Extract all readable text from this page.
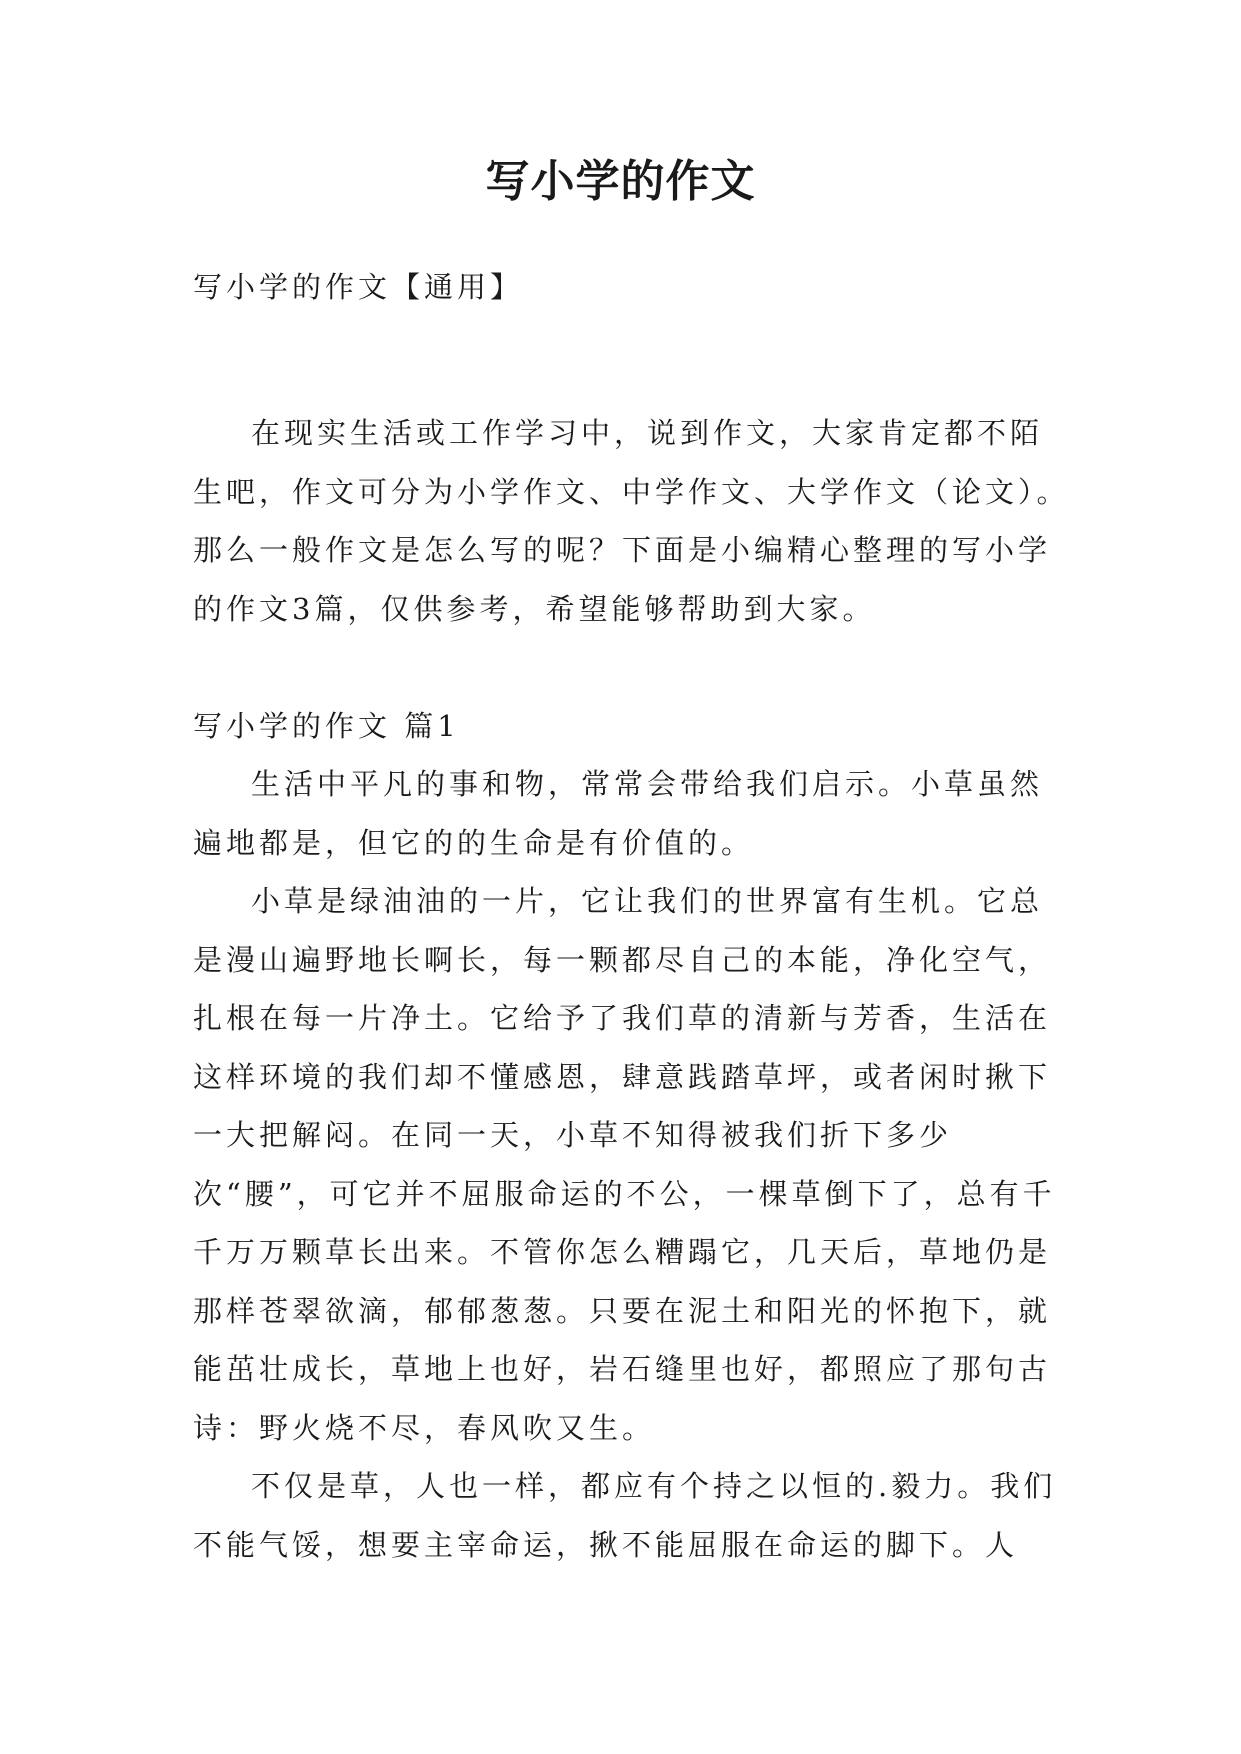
写小学的作文
写小学的作文【通用】

在现实生活或工作学习中，说到作文，大家肯定都不陌生吧，作文可分为小学作文、中学作文、大学作文（论文）。那么一般作文是怎么写的呢？下面是小编精心整理的写小学的作文3篇，仅供参考，希望能够帮助到大家。

写小学的作文 篇1

生活中平凡的事和物，常常会带给我们启示。小草虽然遍地都是，但它的的生命是有价值的。

小草是绿油油的一片，它让我们的世界富有生机。它总是漫山遍野地长啊长，每一颗都尽自己的本能，净化空气，扎根在每一片净土。它给予了我们草的清新与芳香，生活在这样环境的我们却不懂感恩，肆意践踏草坪，或者闲时揪下一大把解闷。在同一天，小草不知得被我们折下多少次“腰”，可它并不屈服命运的不公，一棵草倒下了，总有千千万万颗草长出来。不管你怎么糟蹋它，几天后，草地仍是那样苍翠欲滴，郁郁葱葱。只要在泥土和阳光的怀抱下，就能茁壮成长，草地上也好，岩石缝里也好，都照应了那句古诗：野火烧不尽，春风吹又生。

不仅是草，人也一样，都应有个持之以恒的.毅力。我们不能气馁，想要主宰命运，揪不能屈服在命运的脚下。人
